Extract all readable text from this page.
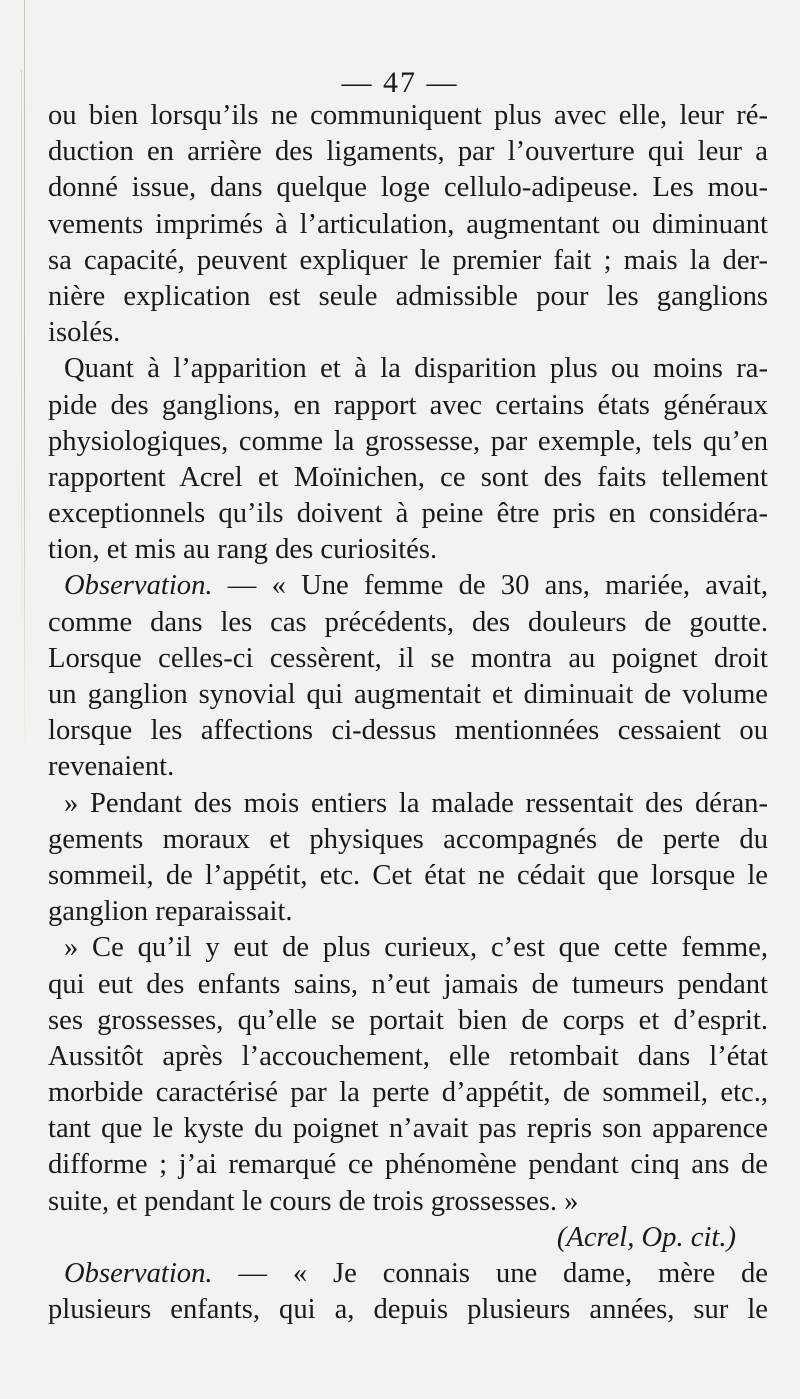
— 47 —
ou bien lorsqu’ils ne communiquent plus avec elle, leur ré-
duction en arrière des ligaments, par l’ouverture qui leur a
donné issue, dans quelque loge cellulo-adipeuse. Les mou-
vements imprimés à l’articulation, augmentant ou diminuant
sa capacité, peuvent expliquer le premier fait ; mais la der-
nière explication est seule admissible pour les ganglions
isolés.
Quant à l’apparition et à la disparition plus ou moins ra-
pide des ganglions, en rapport avec certains états généraux
physiologiques, comme la grossesse, par exemple, tels qu’en
rapportent Acrel et Moïnichen, ce sont des faits tellement
exceptionnels qu’ils doivent à peine être pris en considéra-
tion, et mis au rang des curiosités.
Observation. — « Une femme de 30 ans, mariée, avait,
comme dans les cas précédents, des douleurs de goutte.
Lorsque celles-ci cessèrent, il se montra au poignet droit
un ganglion synovial qui augmentait et diminuait de volume
lorsque les affections ci-dessus mentionnées cessaient ou
revenaient.
» Pendant des mois entiers la malade ressentait des déran-
gements moraux et physiques accompagnés de perte du
sommeil, de l’appétit, etc. Cet état ne cédait que lorsque le
ganglion reparaissait.
» Ce qu’il y eut de plus curieux, c’est que cette femme,
qui eut des enfants sains, n’eut jamais de tumeurs pendant
ses grossesses, qu’elle se portait bien de corps et d’esprit.
Aussitôt après l’accouchement, elle retombait dans l’état
morbide caractérisé par la perte d’appétit, de sommeil, etc.,
tant que le kyste du poignet n’avait pas repris son apparence
difforme ; j’ai remarqué ce phénomène pendant cinq ans de
suite, et pendant le cours de trois grossesses. »
(Acrel, Op. cit.)
Observation. — « Je connais une dame, mère de
plusieurs enfants, qui a, depuis plusieurs années, sur le
